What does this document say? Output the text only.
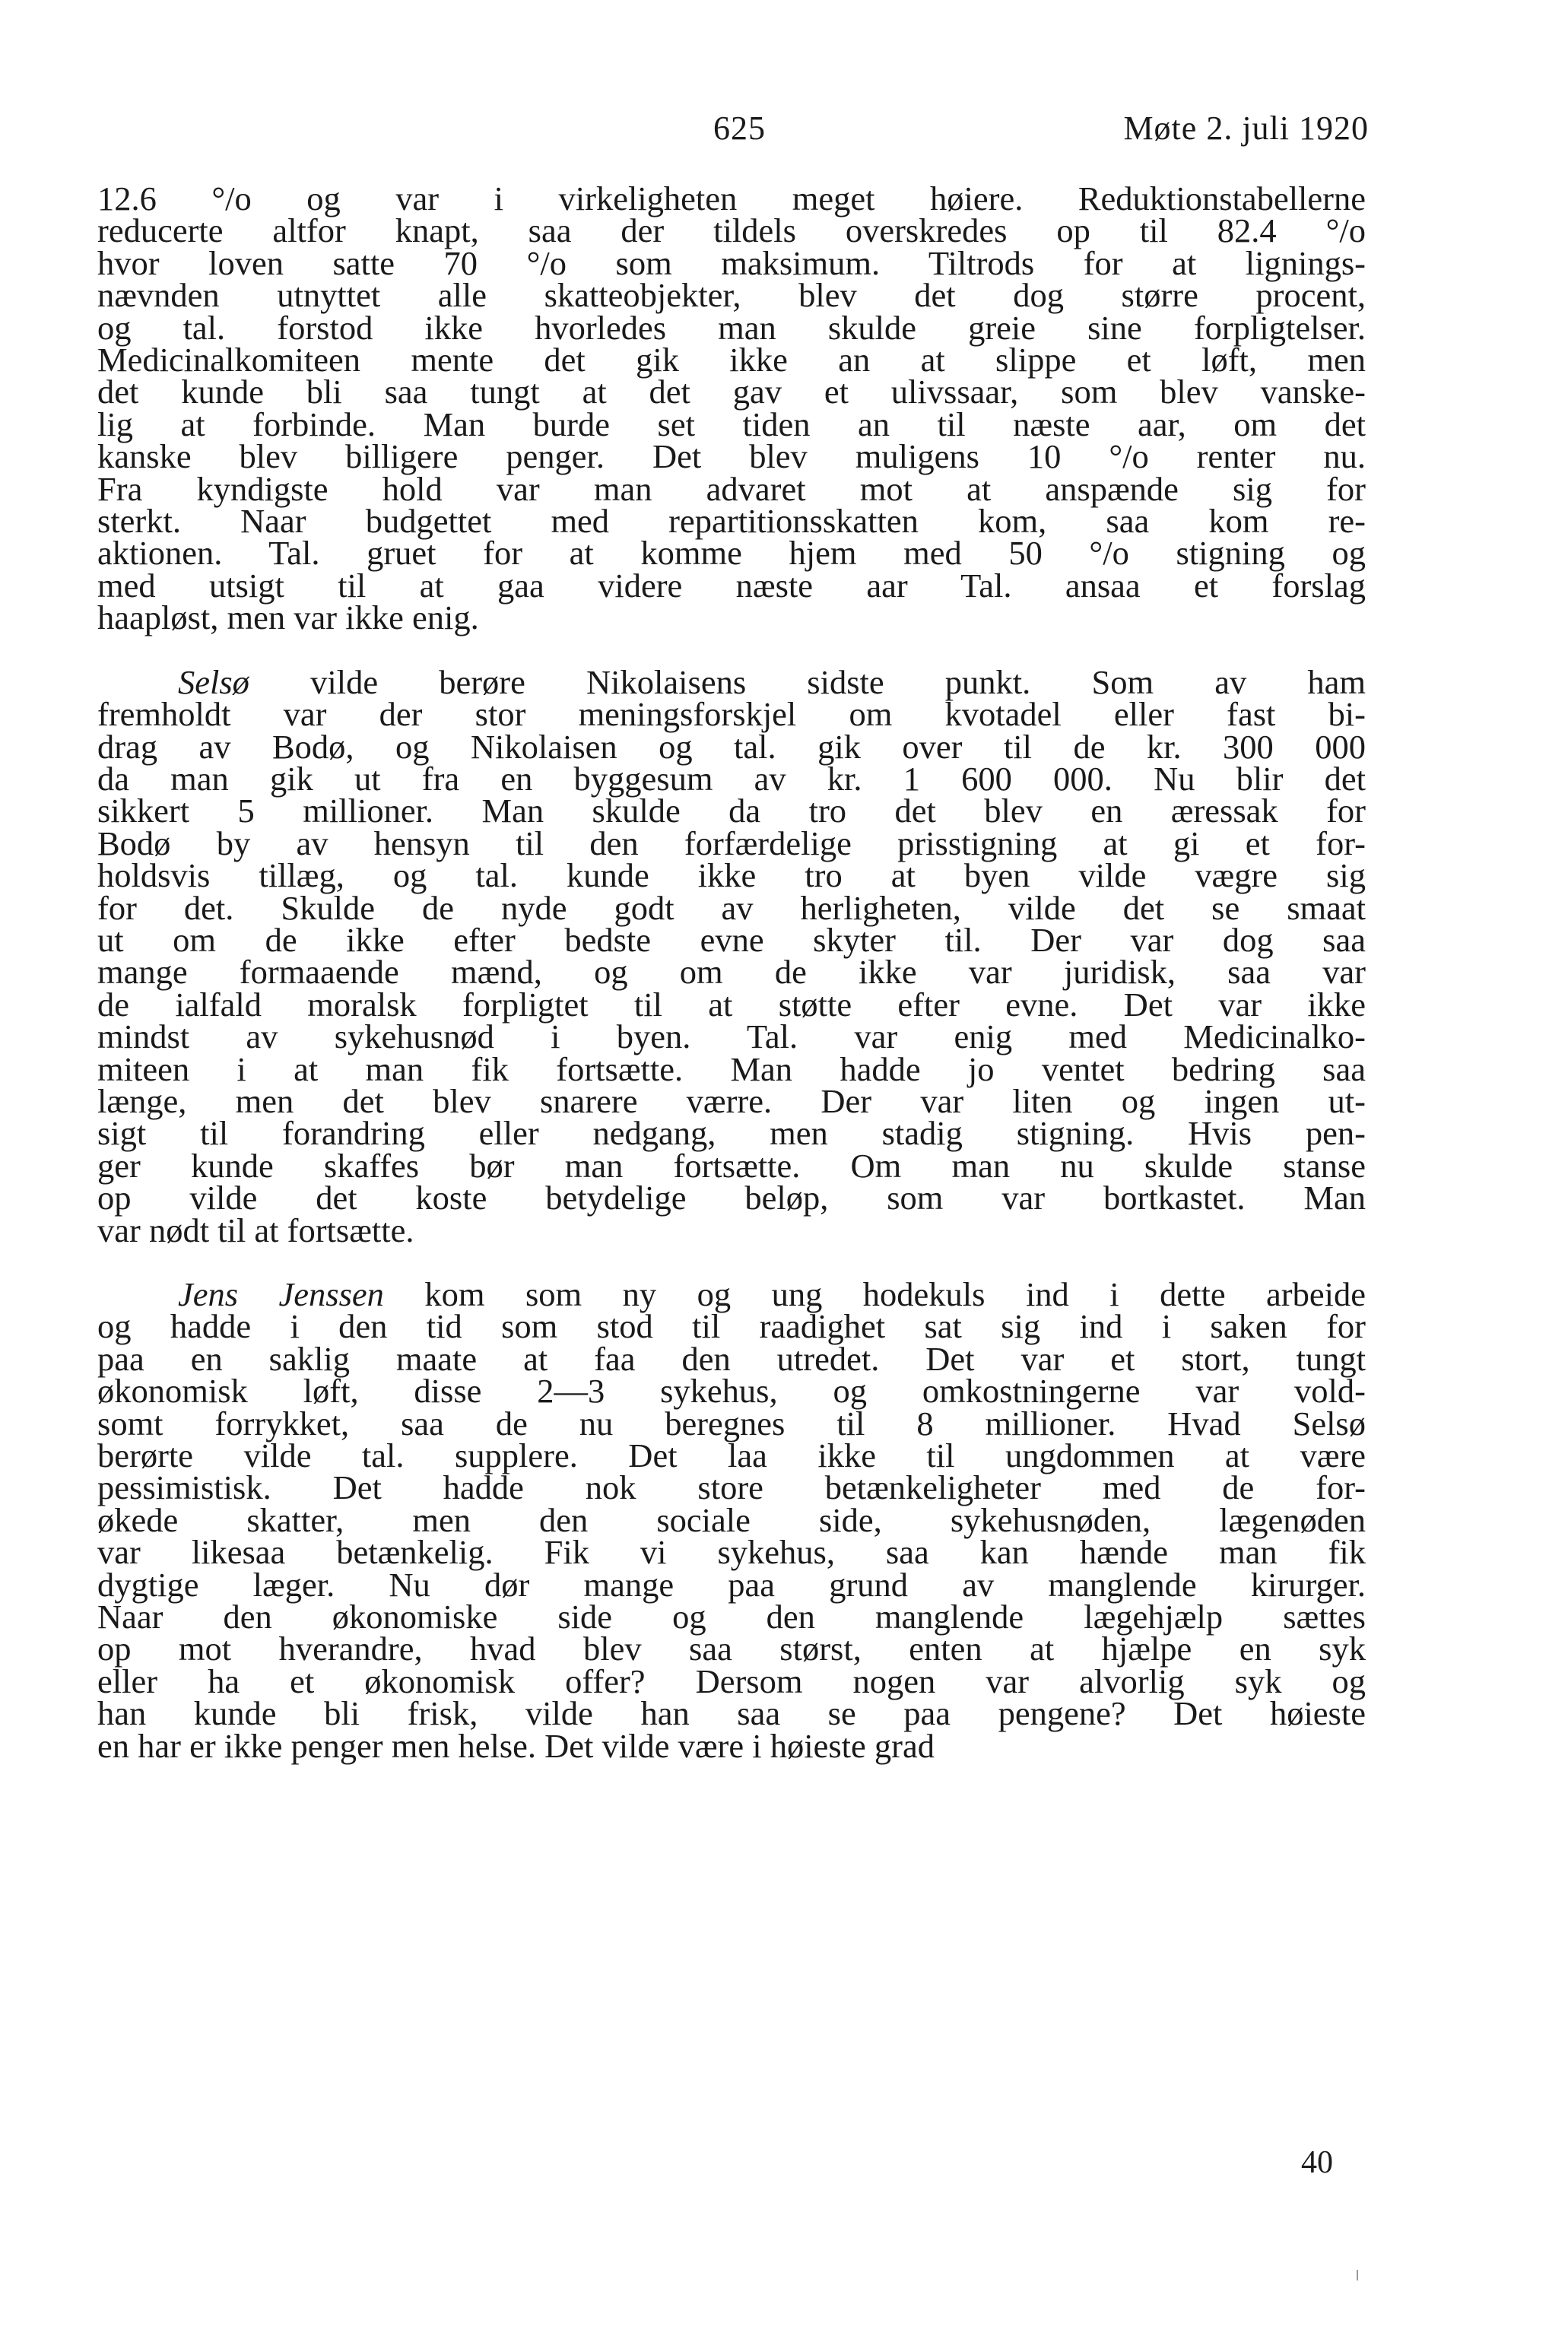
625	Møte 2. juli 1920
12.6 °/o og var i virkeligheten meget høiere. Reduktionstabellerne
reducerte altfor knapt, saa der tildels overskredes op til 82.4 °/o
hvor loven satte 70 °/o som maksimum. Tiltrods for at lignings-
nævnden utnyttet alle skatteobjekter, blev det dog større procent,
og tal. forstod ikke hvorledes man skulde greie sine forpligtelser.
Medicinalkomiteen mente det gik ikke an at slippe et løft, men
det kunde bli saa tungt at det gav et ulivssaar, som blev vanske-
lig at forbinde. Man burde set tiden an til næste aar, om det
kanske blev billigere penger. Det blev muligens 10 °/o renter nu.
Fra kyndigste hold var man advaret mot at anspænde sig for
sterkt. Naar budgettet med repartitionsskatten kom, saa kom re-
aktionen. Tal. gruet for at komme hjem med 50 °/o stigning og
med utsigt til at gaa videre næste aar Tal. ansaa et forslag
haapløst, men var ikke enig.
Selsø vilde berøre Nikolaisens sidste punkt. Som av ham
fremholdt var der stor meningsforskjel om kvotadel eller fast bi-
drag av Bodø, og Nikolaisen og tal. gik over til de kr. 300 000
da man gik ut fra en byggesum av kr. 1 600 000. Nu blir det
sikkert 5 millioner. Man skulde da tro det blev en æressak for
Bodø by av hensyn til den forfærdelige prisstigning at gi et for-
holdsvis tillæg, og tal. kunde ikke tro at byen vilde vægre sig
for det. Skulde de nyde godt av herligheten, vilde det se smaat
ut om de ikke efter bedste evne skyter til. Der var dog saa
mange formaaende mænd, og om de ikke var juridisk, saa var
de ialfald moralsk forpligtet til at støtte efter evne. Det var ikke
mindst av sykehusnød i byen. Tal. var enig med Medicinalko-
miteen i at man fik fortsætte. Man hadde jo ventet bedring saa
længe, men det blev snarere værre. Der var liten og ingen ut-
sigt til forandring eller nedgang, men stadig stigning. Hvis pen-
ger kunde skaffes bør man fortsætte. Om man nu skulde stanse
op vilde det koste betydelige beløp, som var bortkastet. Man
var nødt til at fortsætte.
Jens Jenssen kom som ny og ung hodekuls ind i dette arbeide
og hadde i den tid som stod til raadighet sat sig ind i saken for
paa en saklig maate at faa den utredet. Det var et stort, tungt
økonomisk løft, disse 2—3 sykehus, og omkostningerne var vold-
somt forrykket, saa de nu beregnes til 8 millioner. Hvad Selsø
berørte vilde tal. supplere. Det laa ikke til ungdommen at være
pessimistisk. Det hadde nok store betænkeligheter med de for-
økede skatter, men den sociale side, sykehusnøden, lægenøden
var likesaa betænkelig. Fik vi sykehus, saa kan hænde man fik
dygtige læger. Nu dør mange paa grund av manglende kirurger.
Naar den økonomiske side og den manglende lægehjælp sættes
op mot hverandre, hvad blev saa størst, enten at hjælpe en syk
eller ha et økonomisk offer? Dersom nogen var alvorlig syk og
han kunde bli frisk, vilde han saa se paa pengene? Det høieste
en har er ikke penger men helse. Det vilde være i høieste grad
40
